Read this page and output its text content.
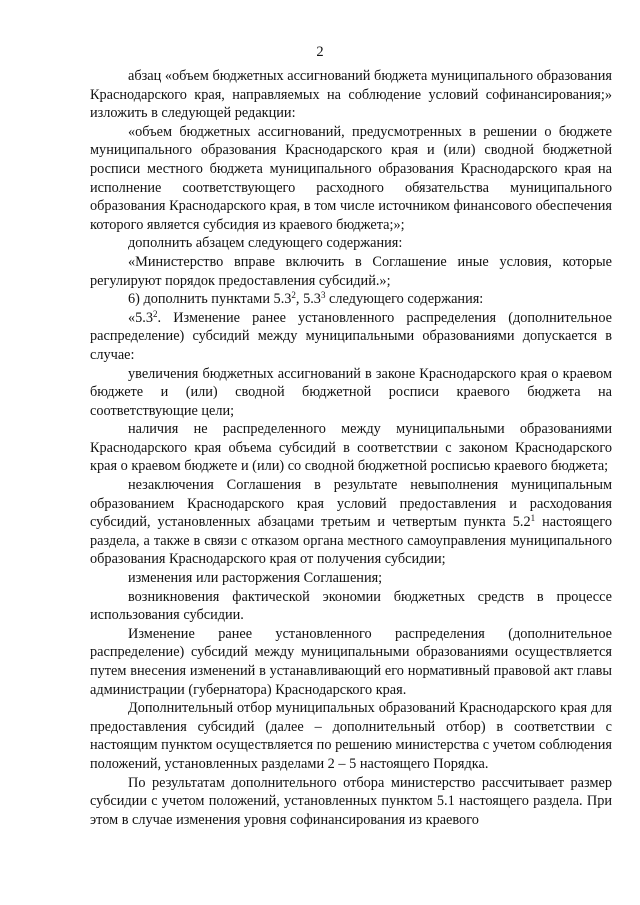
2

абзац «объем бюджетных ассигнований бюджета муниципального образования Краснодарского края, направляемых на соблюдение условий софинансирования;» изложить в следующей редакции:

«объем бюджетных ассигнований, предусмотренных в решении о бюджете муниципального образования Краснодарского края и (или) сводной бюджетной росписи местного бюджета муниципального образования Краснодарского края на исполнение соответствующего расходного обязательства муниципального образования Краснодарского края, в том числе источником финансового обеспечения которого является субсидия из краевого бюджета;»;

дополнить абзацем следующего содержания:

«Министерство вправе включить в Соглашение иные условия, которые регулируют порядок предоставления субсидий.»;

6) дополнить пунктами $5.3^2$, $5.3^3$ следующего содержания:

«$5.3^2$. Изменение ранее установленного распределения (дополнительное распределение) субсидий между муниципальными образованиями допускается в случае:

увеличения бюджетных ассигнований в законе Краснодарского края о краевом бюджете и (или) сводной бюджетной росписи краевого бюджета на соответствующие цели;

наличия не распределенного между муниципальными образованиями Краснодарского края объема субсидий в соответствии с законом Краснодарского края о краевом бюджете и (или) со сводной бюджетной росписью краевого бюджета;

незаключения Соглашения в результате невыполнения муниципальным образованием Краснодарского края условий предоставления и расходования субсидий, установленных абзацами третьим и четвертым пункта $5.2^1$ настоящего раздела, а также в связи с отказом органа местного самоуправления муниципального образования Краснодарского края от получения субсидии;

изменения или расторжения Соглашения;

возникновения фактической экономии бюджетных средств в процессе использования субсидии.

Изменение ранее установленного распределения (дополнительное распределение) субсидий между муниципальными образованиями осуществляется путем внесения изменений в устанавливающий его нормативный правовой акт главы администрации (губернатора) Краснодарского края.

Дополнительный отбор муниципальных образований Краснодарского края для предоставления субсидий (далее – дополнительный отбор) в соответствии с настоящим пунктом осуществляется по решению министерства с учетом соблюдения положений, установленных разделами 2 – 5 настоящего Порядка.

По результатам дополнительного отбора министерство рассчитывает размер субсидии с учетом положений, установленных пунктом 5.1 настоящего раздела. При этом в случае изменения уровня софинансирования из краевого
